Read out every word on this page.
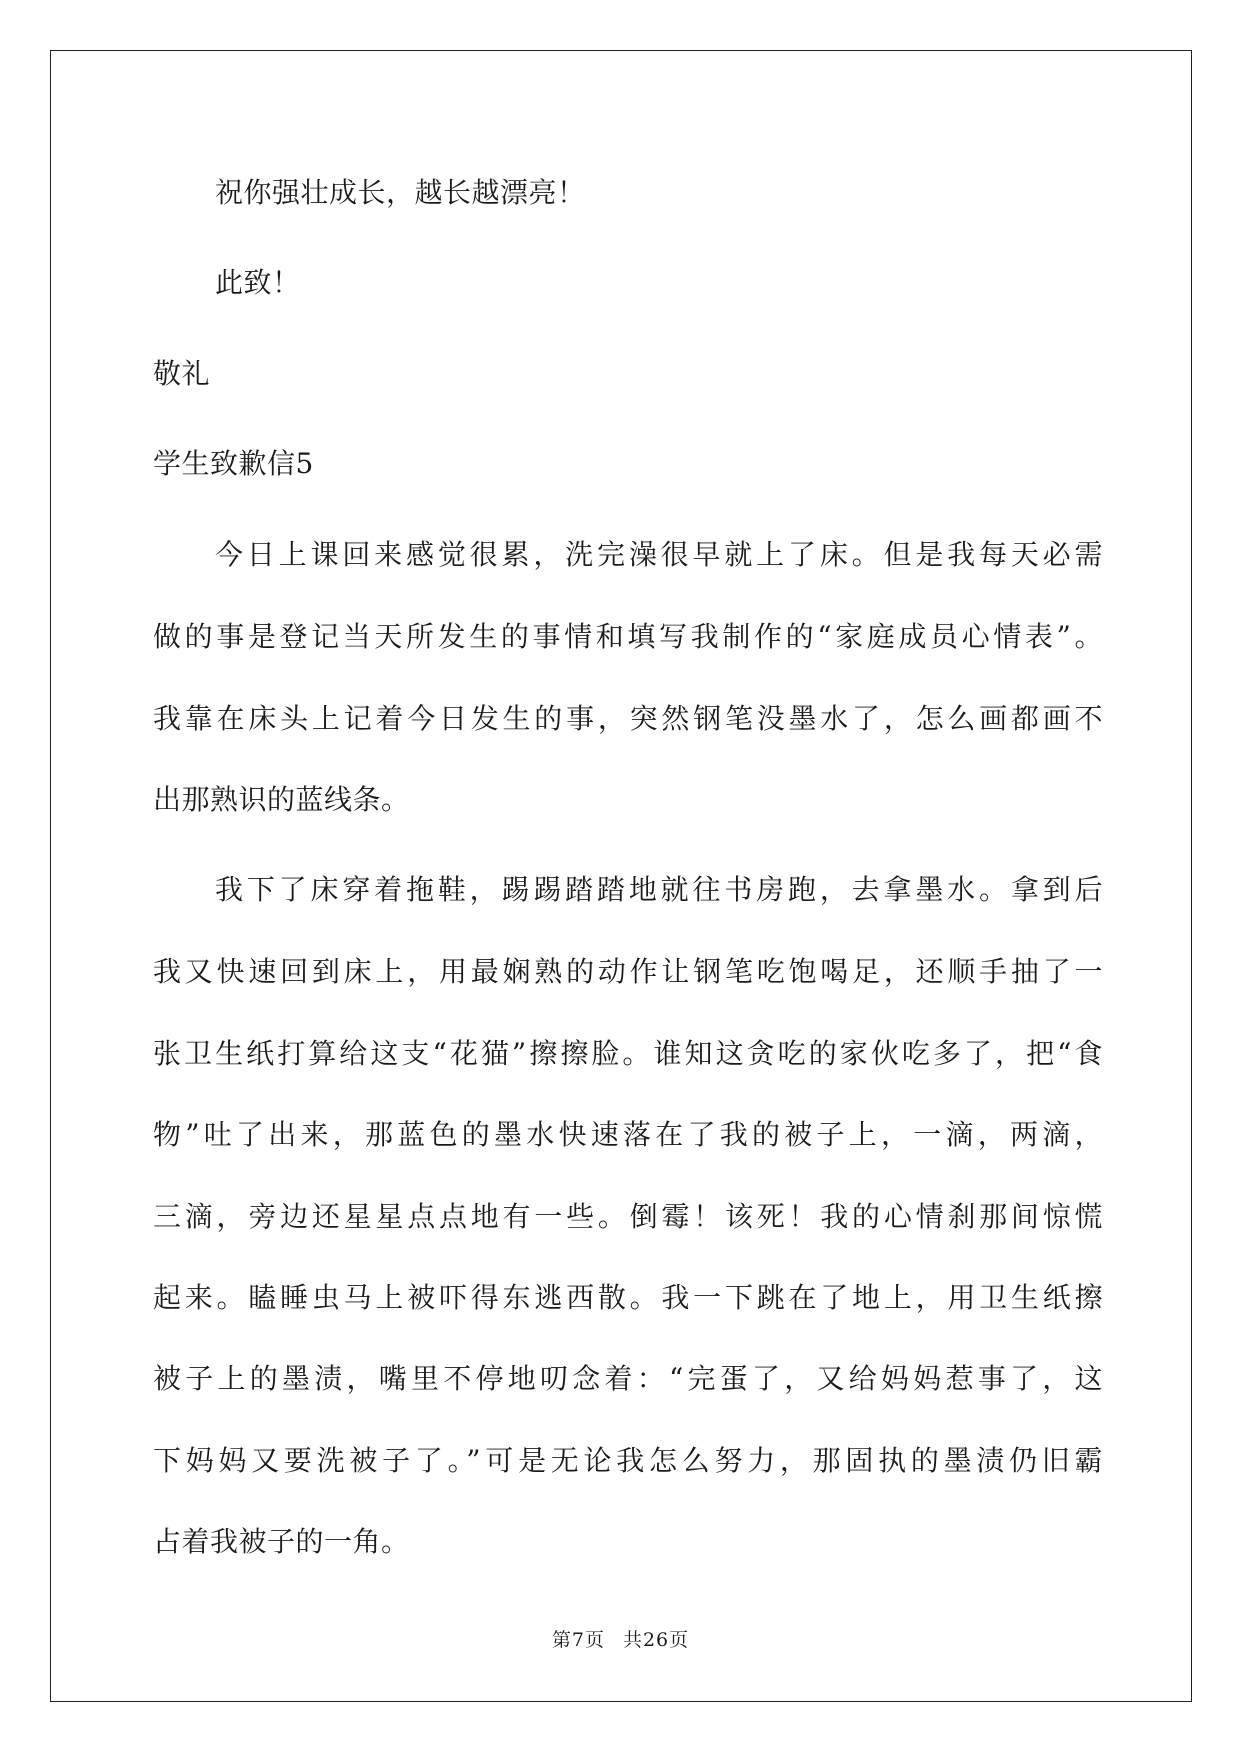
祝你强壮成长，越长越漂亮！
此致！
敬礼
学生致歉信5
今日上课回来感觉很累，洗完澡很早就上了床。但是我每天必需
做的事是登记当天所发生的事情和填写我制作的“家庭成员心情表”。
我靠在床头上记着今日发生的事，突然钢笔没墨水了，怎么画都画不
出那熟识的蓝线条。
我下了床穿着拖鞋，踢踢踏踏地就往书房跑，去拿墨水。拿到后
我又快速回到床上，用最娴熟的动作让钢笔吃饱喝足，还顺手抽了一
张卫生纸打算给这支“花猫”擦擦脸。谁知这贪吃的家伙吃多了，把“食
物”吐了出来，那蓝色的墨水快速落在了我的被子上，一滴，两滴，
三滴，旁边还星星点点地有一些。倒霉！该死！我的心情刹那间惊慌
起来。瞌睡虫马上被吓得东逃西散。我一下跳在了地上，用卫生纸擦
被子上的墨渍，嘴里不停地叨念着：“完蛋了，又给妈妈惹事了，这
下妈妈又要洗被子了。”可是无论我怎么努力，那固执的墨渍仍旧霸
占着我被子的一角。
第7页 共26页
